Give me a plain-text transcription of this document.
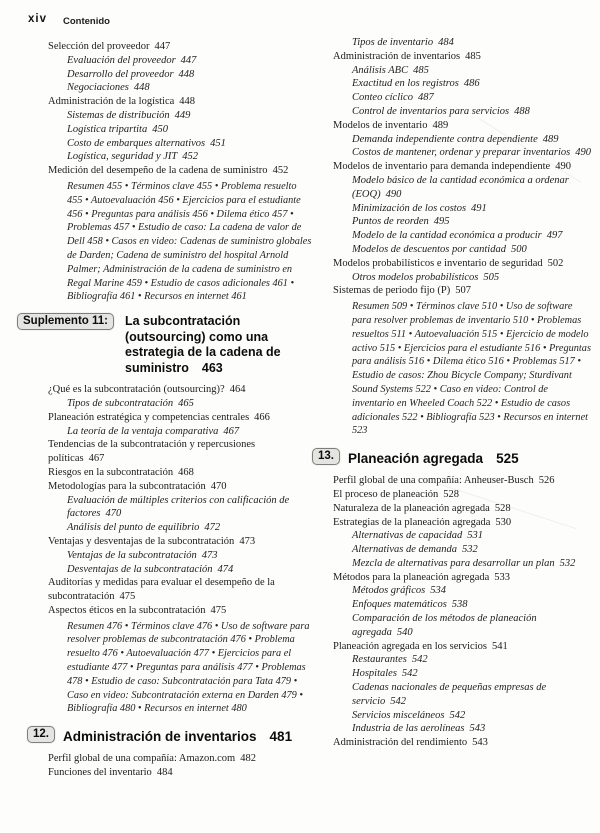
xiv Contenido
Selección del proveedor 447
Evaluación del proveedor 447
Desarrollo del proveedor 448
Negociaciones 448
Administración de la logística 448
Sistemas de distribución 449
Logística tripartita 450
Costo de embarques alternativos 451
Logística, seguridad y JIT 452
Medición del desempeño de la cadena de suministro 452
Resumen 455 • Términos clave 455 • Problema resuelto 455 • Autoevaluación 456 • Ejercicios para el estudiante 456 • Preguntas para análisis 456 • Dilema ético 457 • Problemas 457 • Estudio de caso: La cadena de valor de Dell 458 • Casos en video: Cadenas de suministro globales de Darden; Cadena de suministro del hospital Arnold Palmer; Administración de la cadena de suministro en Regal Marine 459 • Estudio de casos adicionales 461 • Bibliografía 461 • Recursos en internet 461
Suplemento 11:	La subcontratación (outsourcing) como una estrategia de la cadena de suministro 463
¿Qué es la subcontratación (outsourcing)? 464
Tipos de subcontratación 465
Planeación estratégica y competencias centrales 466
La teoría de la ventaja comparativa 467
Tendencias de la subcontratación y repercusiones políticas 467
Riesgos en la subcontratación 468
Metodologías para la subcontratación 470
Evaluación de múltiples criterios con calificación de factores 470
Análisis del punto de equilibrio 472
Ventajas y desventajas de la subcontratación 473
Ventajas de la subcontratación 473
Desventajas de la subcontratación 474
Auditorías y medidas para evaluar el desempeño de la subcontratación 475
Aspectos éticos en la subcontratación 475
Resumen 476 • Términos clave 476 • Uso de software para resolver problemas de subcontratación 476 • Problema resuelto 476 • Autoevaluación 477 • Ejercicios para el estudiante 477 • Preguntas para análisis 477 • Problemas 478 • Estudio de caso: Subcontratación para Tata 479 • Caso en video: Subcontratación externa en Darden 479 • Bibliografía 480 • Recursos en internet 480
12.	Administración de inventarios 481
Perfil global de una compañía: Amazon.com 482
Funciones del inventario 484
Tipos de inventario 484
Administración de inventarios 485
Análisis ABC 485
Exactitud en los registros 486
Conteo cíclico 487
Control de inventarios para servicios 488
Modelos de inventario 489
Demanda independiente contra dependiente 489
Costos de mantener, ordenar y preparar inventarios 490
Modelos de inventario para demanda independiente 490
Modelo básico de la cantidad económica a ordenar (EOQ) 490
Minimización de los costos 491
Puntos de reorden 495
Modelo de la cantidad económica a producir 497
Modelos de descuentos por cantidad 500
Modelos probabilísticos e inventario de seguridad 502
Otros modelos probabilísticos 505
Sistemas de periodo fijo (P) 507
Resumen 509 • Términos clave 510 • Uso de software para resolver problemas de inventario 510 • Problemas resueltos 511 • Autoevaluación 515 • Ejercicio de modelo activo 515 • Ejercicios para el estudiante 516 • Preguntas para análisis 516 • Dilema ético 516 • Problemas 517 • Estudio de casos: Zhou Bicycle Company; Sturdivant Sound Systems 522 • Caso en video: Control de inventario en Wheeled Coach 522 • Estudio de casos adicionales 522 • Bibliografía 523 • Recursos en internet 523
13.	Planeación agregada 525
Perfil global de una compañía: Anheuser-Busch 526
El proceso de planeación 528
Naturaleza de la planeación agregada 528
Estrategias de la planeación agregada 530
Alternativas de capacidad 531
Alternativas de demanda 532
Mezcla de alternativas para desarrollar un plan 532
Métodos para la planeación agregada 533
Métodos gráficos 534
Enfoques matemáticos 538
Comparación de los métodos de planeación agregada 540
Planeación agregada en los servicios 541
Restaurantes 542
Hospitales 542
Cadenas nacionales de pequeñas empresas de servicio 542
Servicios misceláneos 542
Industria de las aerolíneas 543
Administración del rendimiento 543
